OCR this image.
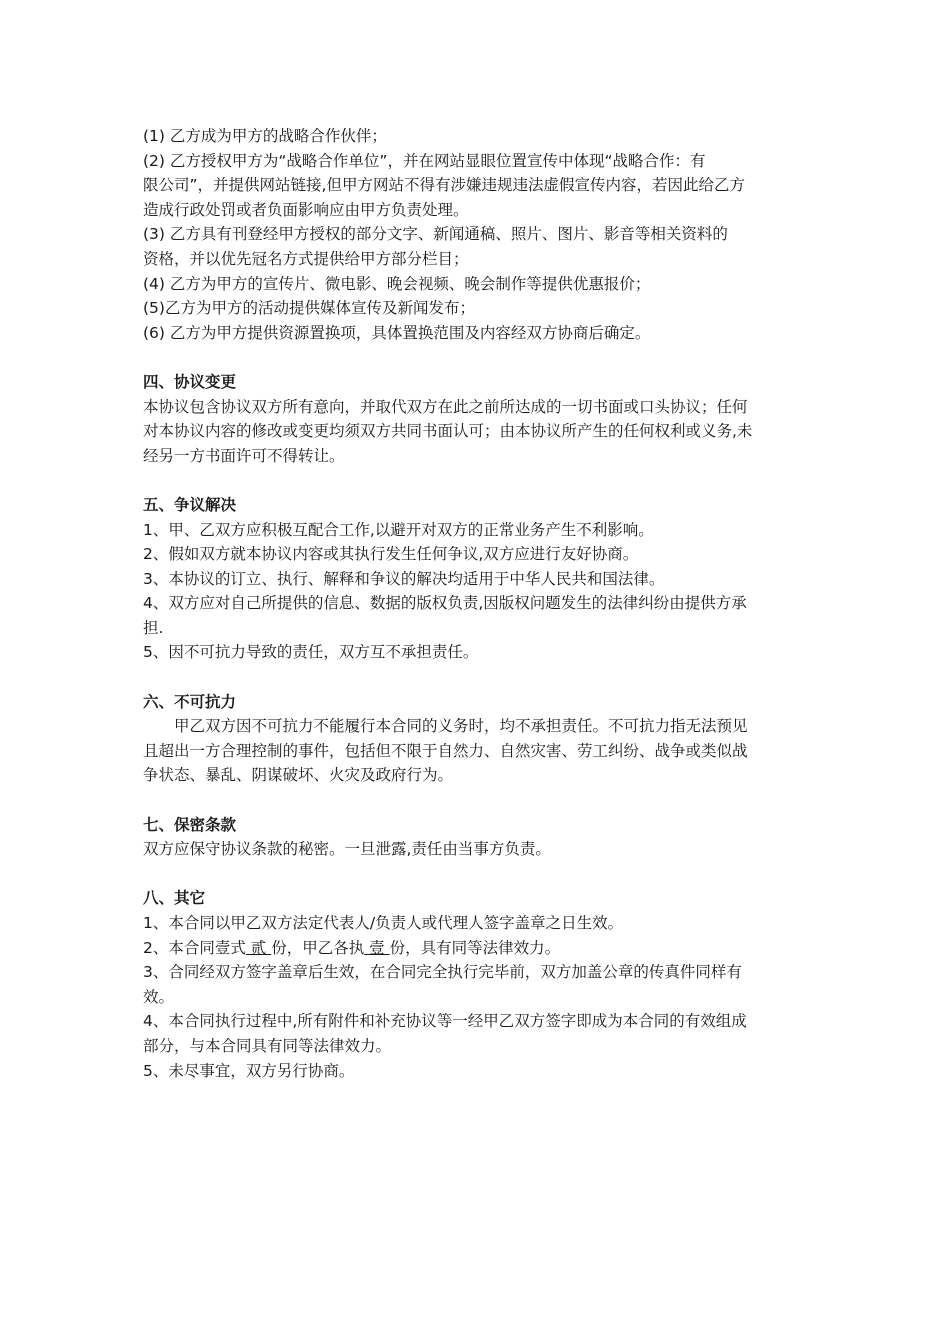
(1) 乙方成为甲方的战略合作伙伴；
(2) 乙方授权甲方为“战略合作单位”，并在网站显眼位置宣传中体现“战略合作：有
限公司”，并提供网站链接,但甲方网站不得有涉嫌违规违法虚假宣传内容，若因此给乙方
造成行政处罚或者负面影响应由甲方负责处理。
(3) 乙方具有刊登经甲方授权的部分文字、新闻通稿、照片、图片、影音等相关资料的
资格，并以优先冠名方式提供给甲方部分栏目；
(4) 乙方为甲方的宣传片、微电影、晚会视频、晚会制作等提供优惠报价；
(5)乙方为甲方的活动提供媒体宣传及新闻发布；
(6) 乙方为甲方提供资源置换项，具体置换范围及内容经双方协商后确定。
四、协议变更
本协议包含协议双方所有意向，并取代双方在此之前所达成的一切书面或口头协议；任何
对本协议内容的修改或变更均须双方共同书面认可；由本协议所产生的任何权利或义务,未
经另一方书面许可不得转让。
五、争议解决
1、甲、乙双方应积极互配合工作,以避开对双方的正常业务产生不利影响。
2、假如双方就本协议内容或其执行发生任何争议,双方应进行友好协商。
3、本协议的订立、执行、解释和争议的解决均适用于中华人民共和国法律。
4、双方应对自己所提供的信息、数据的版权负责,因版权问题发生的法律纠纷由提供方承
担.
5、因不可抗力导致的责任，双方互不承担责任。
六、不可抗力
甲乙双方因不可抗力不能履行本合同的义务时，均不承担责任。不可抗力指无法预见
且超出一方合理控制的事件，包括但不限于自然力、自然灾害、劳工纠纷、战争或类似战
争状态、暴乱、阴谋破坏、火灾及政府行为。
七、保密条款
双方应保守协议条款的秘密。一旦泄露,责任由当事方负责。
八、其它
1、本合同以甲乙双方法定代表人/负责人或代理人签字盖章之日生效。
2、本合同壹式 贰 份，甲乙各执 壹 份，具有同等法律效力。
3、合同经双方签字盖章后生效，在合同完全执行完毕前，双方加盖公章的传真件同样有
效。
4、本合同执行过程中,所有附件和补充协议等一经甲乙双方签字即成为本合同的有效组成
部分，与本合同具有同等法律效力。
5、未尽事宜，双方另行协商。
